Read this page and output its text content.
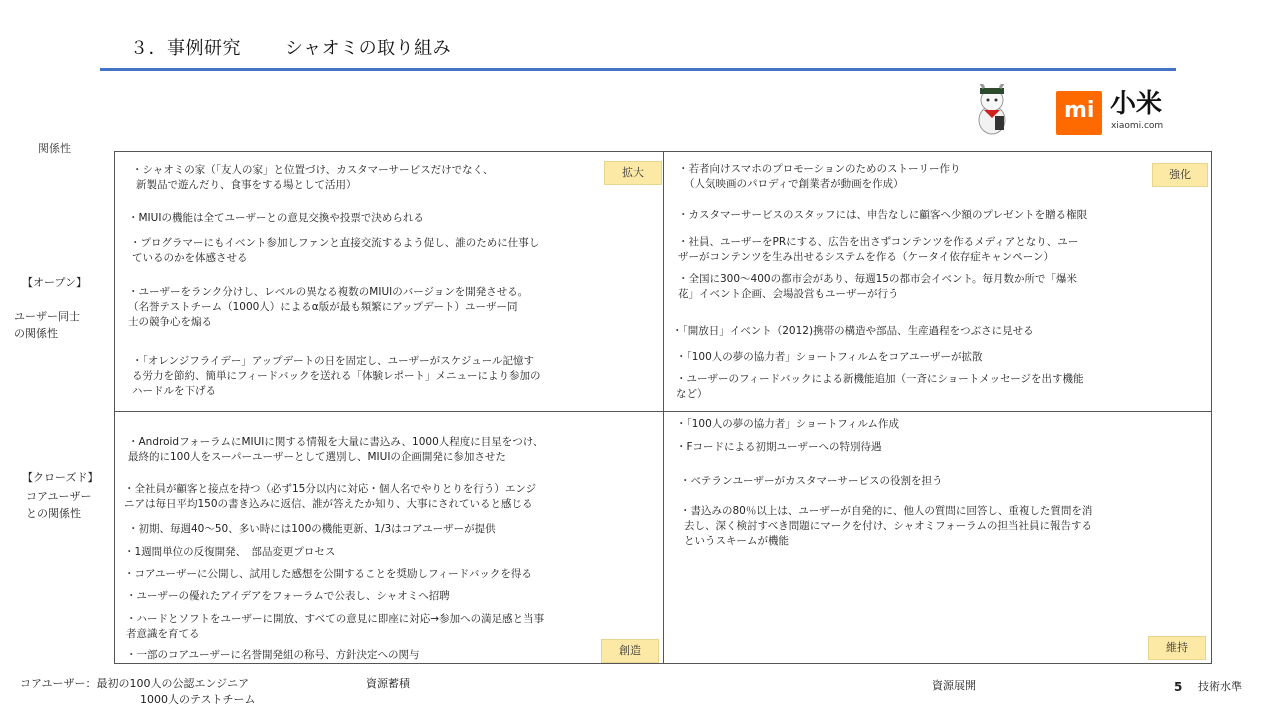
３．事例研究 シャオミの取り組み
mi 小米
xiaomi.com
関係性
【オープン】
ユーザー同士
の関係性
【クローズド】
コアユーザー
との関係性
・シャオミの家（「友人の家」と位置づけ、カスタマーサービスだけでなく、
新製品で遊んだり、食事をする場として活用）
・MIUIの機能は全てユーザーとの意見交換や投票で決められる
・プログラマーにもイベント参加しファンと直接交流するよう促し、誰のために仕事し
ているのかを体感させる
・ユーザーをランク分けし、レベルの異なる複数のMIUIのバージョンを開発させる。
（名誉テストチーム（1000人）によるα版が最も頻繁にアップデート）ユーザー同
士の競争心を煽る
・「オレンジフライデー」アップデートの日を固定し、ユーザーがスケジュール記憶す
る労力を節約、簡単にフィードバックを送れる「体験レポート」メニューにより参加の
ハードルを下げる
拡大	・若者向けスマホのプロモーションのためのストーリー作り
（人気映画のパロディで創業者が動画を作成）
・カスタマーサービスのスタッフには、申告なしに顧客へ少額のプレゼントを贈る権限
・社員、ユーザーをPRにする、広告を出さずコンテンツを作るメディアとなり、ユー
ザーがコンテンツを生み出せるシステムを作る（ケータイ依存症キャンペーン）
・全国に300～400の都市会があり、毎週15の都市会イベント。毎月数か所で「爆米
花」イベント企画、会場設営もユーザーが行う
・「開放日」イベント（2012)携帯の構造や部品、生産過程をつぶさに見せる
・「100人の夢の協力者」ショートフィルムをコアユーザーが拡散
・ユーザーのフィードバックによる新機能追加（一斉にショートメッセージを出す機能
など）
強化
・AndroidフォーラムにMIUIに関する情報を大量に書込み、1000人程度に目星をつけ、
最終的に100人をスーパーユーザーとして選別し、MIUIの企画開発に参加させた
・全社員が顧客と接点を持つ（必ず15分以内に対応・個人名でやりとりを行う）エンジ
ニアは毎日平均150の書き込みに返信、誰が答えたか知り、大事にされていると感じる
・初期、毎週40～50、多い時には100の機能更新、1/3はコアユーザーが提供
・1週間単位の反復開発、　部品変更プロセス
・コアユーザーに公開し、試用した感想を公開することを奨励しフィードバックを得る
・ユーザーの優れたアイデアをフォーラムで公表し、シャオミへ招聘
・ハードとソフトをユーザーに開放、すべての意見に即座に対応→参加への満足感と当事
者意識を育てる
・一部のコアユーザーに名誉開発組の称号、方針決定への関与	創造
・「100人の夢の協力者」ショートフィルム作成
・Fコードによる初期ユーザーへの特別待遇
・ベテランユーザーがカスタマーサービスの役割を担う
・書込みの80％以上は、ユーザーが自発的に、他人の質問に回答し、重複した質問を消
去し、深く検討すべき問題にマークを付け、シャオミフォーラムの担当社員に報告する
というスキームが機能
維持
コアユーザー：最初の100人の公認エンジニア
1000人のテストチーム
資源蓄積	資源展開	5 技術水準
